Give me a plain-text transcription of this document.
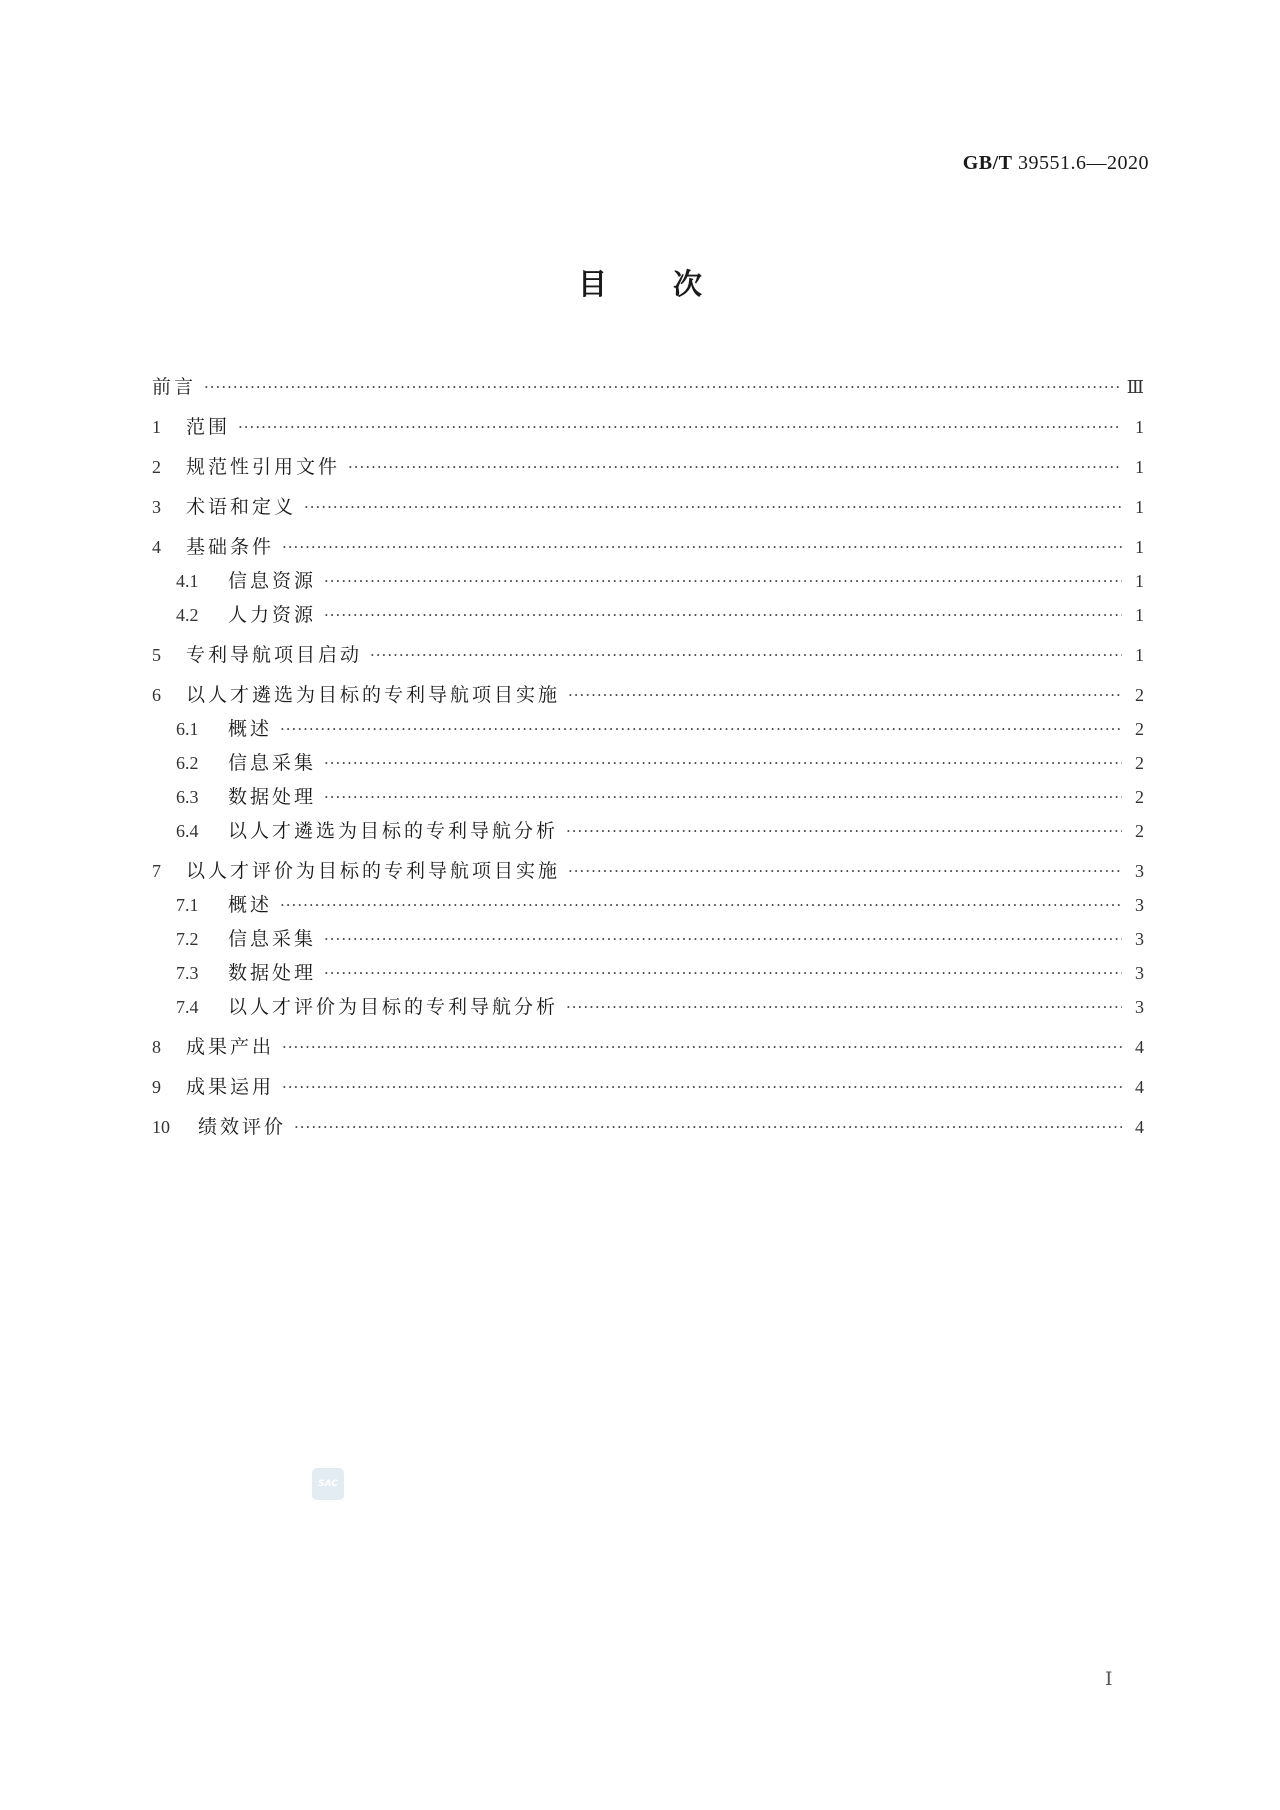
GB/T 39551.6—2020
目次
前言 ·····	Ⅲ
1	范围 ·····	1
2	规范性引用文件 ·····	1
3	术语和定义 ·····	1
4	基础条件 ·····	1
4.1	信息资源 ·····	1
4.2	人力资源 ·····	1
5	专利导航项目启动 ·····	1
6	以人才遴选为目标的专利导航项目实施 ·····	2
6.1	概述 ·····	2
6.2	信息采集 ·····	2
6.3	数据处理 ·····	2
6.4	以人才遴选为目标的专利导航分析 ·····	2
7	以人才评价为目标的专利导航项目实施 ·····	3
7.1	概述 ·····	3
7.2	信息采集 ·····	3
7.3	数据处理 ·····	3
7.4	以人才评价为目标的专利导航分析 ·····	3
8	成果产出 ·····	4
9	成果运用 ·····	4
10	绩效评价 ·····	4
SAC
Ⅰ
